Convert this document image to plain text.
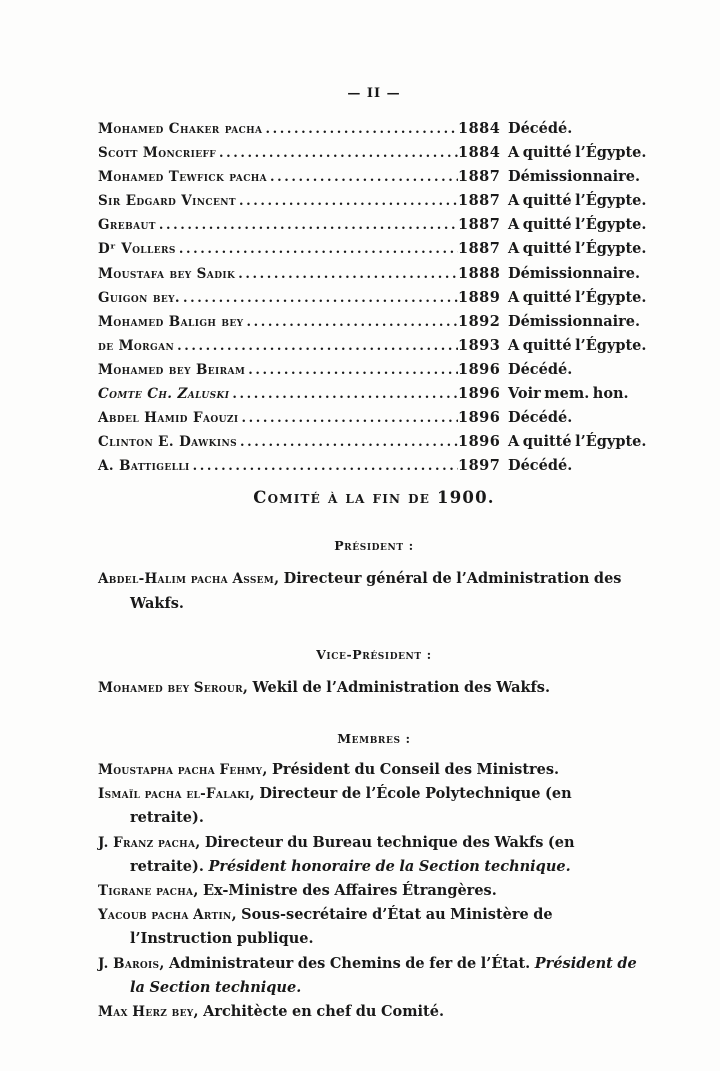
— II —
Mohamed Chaker pacha .....	1884 Décédé.
Scott Moncrieff .....	1884 A quitté l’Égypte.
Mohamed Tewfick pacha .....	1887 Démissionnaire.
Sir Edgard Vincent .....	1887 A quitté l’Égypte.
Grebaut .....	1887 A quitté l’Égypte.
Dʳ Vollers .....	1887 A quitté l’Égypte.
Moustafa bey Sadik .....	1888 Démissionnaire.
Guigon bey. .....	1889 A quitté l’Égypte.
Mohamed Baligh bey .....	1892 Démissionnaire.
de Morgan .....	1893 A quitté l’Égypte.
Mohamed bey Beiram .....	1896 Décédé.
Comte Ch. Zaluski .....	1896 Voir mem. hon.
Abdel Hamid Faouzi .....	1896 Décédé.
Clinton E. Dawkins .....	1896 A quitté l’Égypte.
A. Battigelli .....	1897 Décédé.
Comité à la fin de 1900.
Président :

Abdel-Halim pacha Assem, Directeur général de l’Administration des Wakfs.

Vice-Président :

Mohamed bey Serour, Wekil de l’Administration des Wakfs.

Membres :

Moustapha pacha Fehmy, Président du Conseil des Ministres.

Ismaïl pacha el-Falaki, Directeur de l’École Polytechnique (en retraite).

J. Franz pacha, Directeur du Bureau technique des Wakfs (en retraite). Président honoraire de la Section technique.

Tigrane pacha, Ex-Ministre des Affaires Étrangères.

Yacoub pacha Artin, Sous-secrétaire d’État au Ministère de l’Instruction publique.

J. Barois, Administrateur des Chemins de fer de l’État. Président de la Section technique.

Max Herz bey, Architècte en chef du Comité.
